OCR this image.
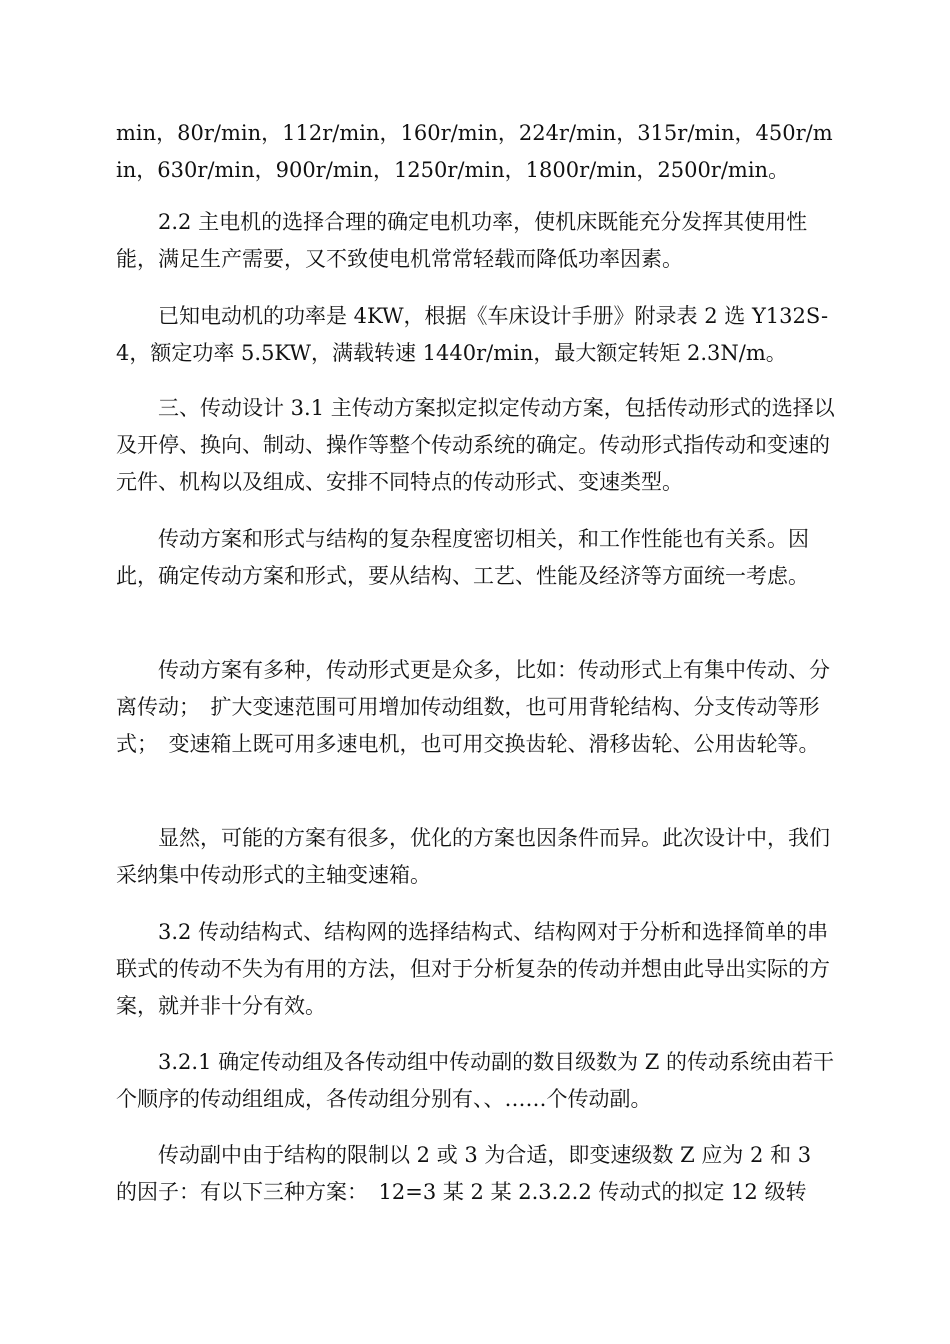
min，80r/min，112r/min，160r/min，224r/min，315r/min，450r/min，630r/min，900r/min，1250r/min，1800r/min，2500r/min。

2.2 主电机的选择合理的确定电机功率，使机床既能充分发挥其使用性能，满足生产需要，又不致使电机常常轻载而降低功率因素。

已知电动机的功率是 4KW，根据《车床设计手册》附录表 2 选 Y132S-4，额定功率 5.5KW，满载转速 1440r/min，最大额定转矩 2.3N/m。

三、传动设计 3.1 主传动方案拟定拟定传动方案，包括传动形式的选择以及开停、换向、制动、操作等整个传动系统的确定。传动形式指传动和变速的元件、机构以及组成、安排不同特点的传动形式、变速类型。

传动方案和形式与结构的复杂程度密切相关，和工作性能也有关系。因此，确定传动方案和形式，要从结构、工艺、性能及经济等方面统一考虑。

传动方案有多种，传动形式更是众多，比如：传动形式上有集中传动、分离传动；　扩大变速范围可用增加传动组数，也可用背轮结构、分支传动等形式；　变速箱上既可用多速电机，也可用交换齿轮、滑移齿轮、公用齿轮等。

显然，可能的方案有很多，优化的方案也因条件而异。此次设计中，我们采纳集中传动形式的主轴变速箱。

3.2 传动结构式、结构网的选择结构式、结构网对于分析和选择简单的串联式的传动不失为有用的方法，但对于分析复杂的传动并想由此导出实际的方案，就并非十分有效。

3.2.1 确定传动组及各传动组中传动副的数目级数为 Z 的传动系统由若干个顺序的传动组组成，各传动组分别有、、……个传动副。

传动副中由于结构的限制以 2 或 3 为合适，即变速级数 Z 应为 2 和 3 的因子：有以下三种方案：　12=3 某 2 某 2.3.2.2 传动式的拟定 12 级转
